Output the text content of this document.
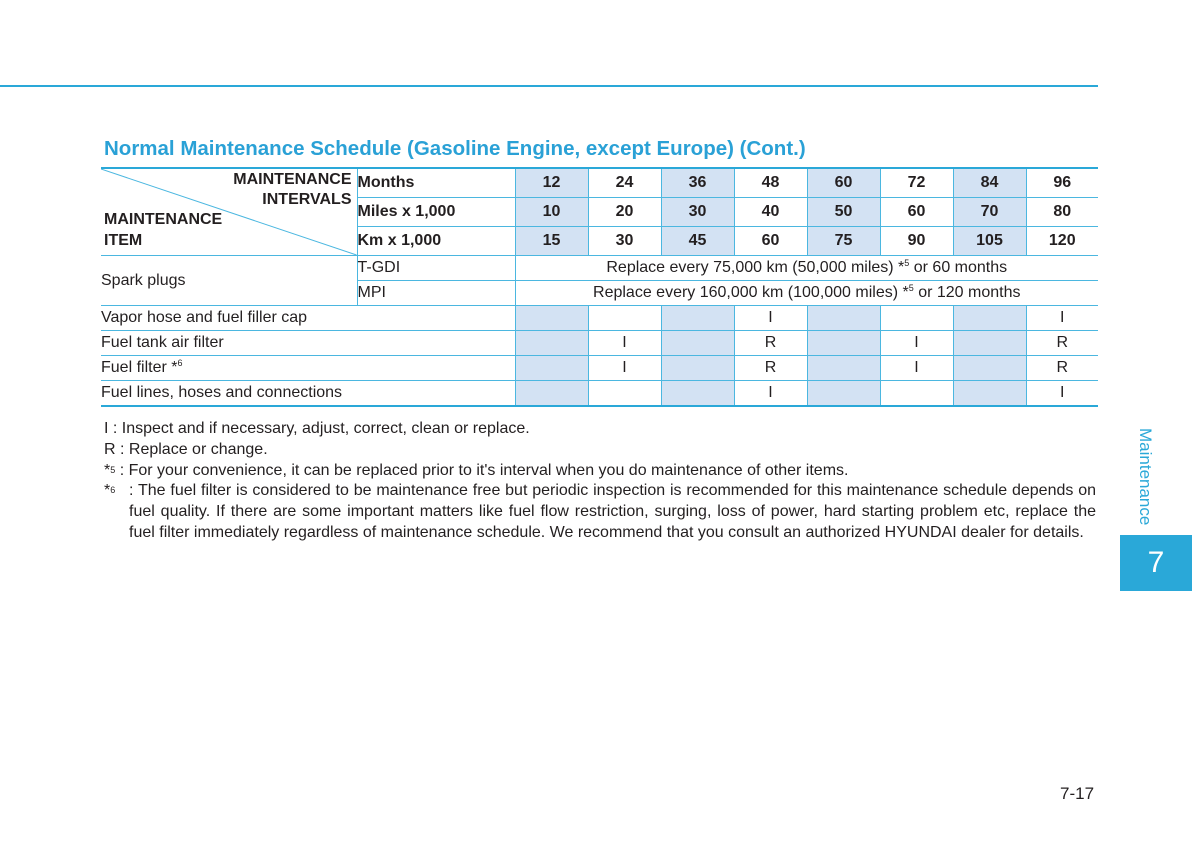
Normal Maintenance Schedule (Gasoline Engine, except Europe) (Cont.)
MAINTENANCE
INTERVALS
MAINTENANCE
ITEM	Months	12	24	36	48	60	72	84	96
	Miles x 1,000	10	20	30	40	50	60	70	80
	Km x 1,000	15	30	45	60	75	90	105	120
Spark plugs	T-GDI	Replace every 75,000 km (50,000 miles) *$^5$ or 60 months							
	MPI	Replace every 160,000 km (100,000 miles) *$^5$ or 120 months							
Vapor hose and fuel filler cap					I				I
Fuel tank air filter			I		R		I		R
Fuel filter *$^6$			I		R		I		R
Fuel lines, hoses and connections					I				I
I : Inspect and if necessary, adjust, correct, clean or replace.
R : Replace or change.
*$^5$ : For your convenience, it can be replaced prior to it's interval when you do maintenance of other items.
*$^6$ : The fuel filter is considered to be maintenance free but periodic inspection is recommended for this maintenance schedule depends on fuel quality. If there are some important matters like fuel flow restriction, surging, loss of power, hard starting problem etc, replace the fuel filter immediately regardless of maintenance schedule. We recommend that you consult an authorized HYUNDAI dealer for details.
Maintenance
7
7-17
